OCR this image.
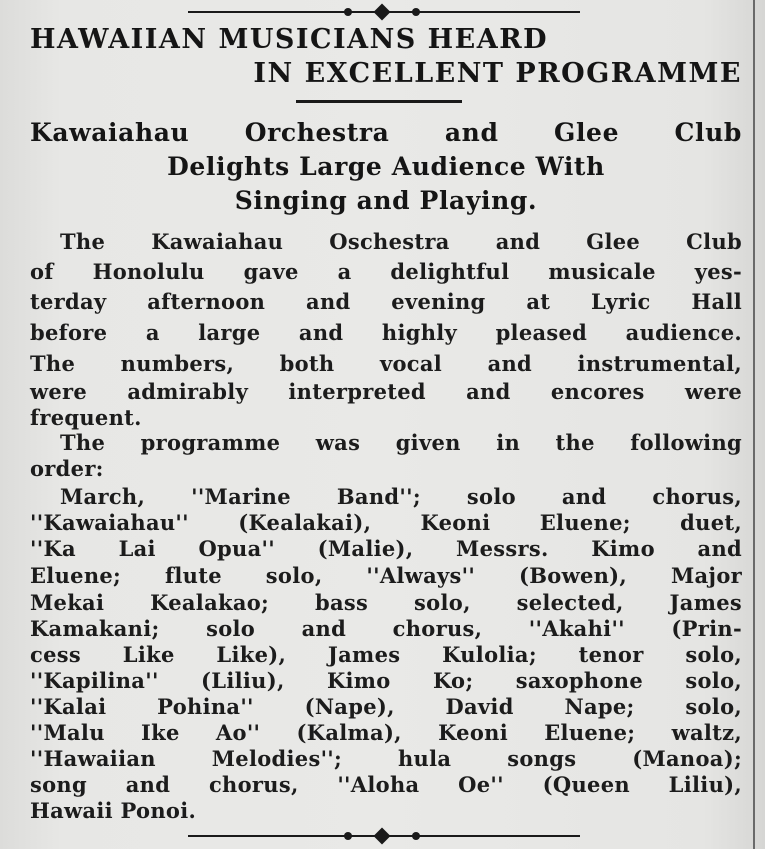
HAWAIIAN MUSICIANS HEARD
IN EXCELLENT PROGRAMME
Kawaiahau Orchestra and Glee Club
Delights Large Audience With
Singing and Playing.
The Kawaiahau Oschestra and Glee Club
of Honolulu gave a delightful musicale yes-
terday afternoon and evening at Lyric Hall
before a large and highly pleased audience.
The numbers, both vocal and instrumental,
were admirably interpreted and encores were
frequent.
The programme was given in the following
order:
March, ''Marine Band''; solo and chorus,
''Kawaiahau'' (Kealakai), Keoni Eluene; duet,
''Ka Lai Opua'' (Malie), Messrs. Kimo and
Eluene; flute solo, ''Always'' (Bowen), Major
Mekai Kealakao; bass solo, selected, James
Kamakani; solo and chorus, ''Akahi'' (Prin-
cess Like Like), James Kulolia; tenor solo,
''Kapilina'' (Liliu), Kimo Ko; saxophone solo,
''Kalai Pohina'' (Nape), David Nape; solo,
''Malu Ike Ao'' (Kalma), Keoni Eluene; waltz,
''Hawaiian Melodies''; hula songs (Manoa);
song and chorus, ''Aloha Oe'' (Queen Liliu),
Hawaii Ponoi.
